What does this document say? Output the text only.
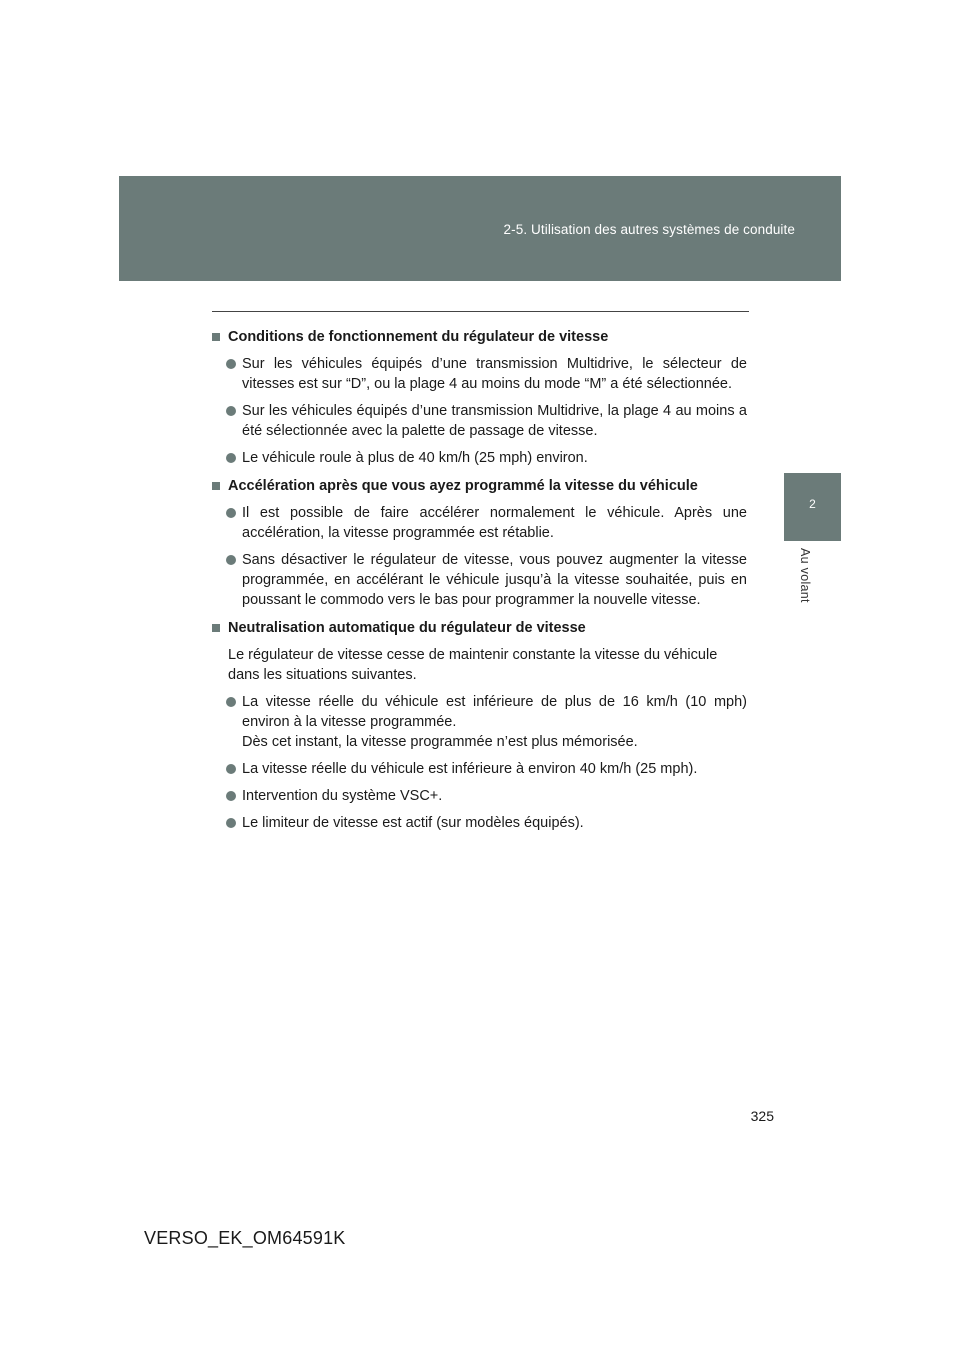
2-5. Utilisation des autres systèmes de conduite
2
Au volant
Conditions de fonctionnement du régulateur de vitesse
Sur les véhicules équipés d’une transmission Multidrive, le sélecteur de vitesses est sur “D”, ou la plage 4 au moins du mode “M” a été sélectionnée.
Sur les véhicules équipés d’une transmission Multidrive, la plage 4 au moins a été sélectionnée avec la palette de passage de vitesse.
Le véhicule roule à plus de 40 km/h (25 mph) environ.
Accélération après que vous ayez programmé la vitesse du véhicule
Il est possible de faire accélérer normalement le véhicule. Après une accélération, la vitesse programmée est rétablie.
Sans désactiver le régulateur de vitesse, vous pouvez augmenter la vitesse programmée, en accélérant le véhicule jusqu’à la vitesse souhaitée, puis en poussant le commodo vers le bas pour programmer la nouvelle vitesse.
Neutralisation automatique du régulateur de vitesse
Le régulateur de vitesse cesse de maintenir constante la vitesse du véhicule dans les situations suivantes.
La vitesse réelle du véhicule est inférieure de plus de 16 km/h (10 mph) environ à la vitesse programmée.
Dès cet instant, la vitesse programmée n’est plus mémorisée.
La vitesse réelle du véhicule est inférieure à environ 40 km/h (25 mph).
Intervention du système VSC+.
Le limiteur de vitesse est actif (sur modèles équipés).
325
VERSO_EK_OM64591K
